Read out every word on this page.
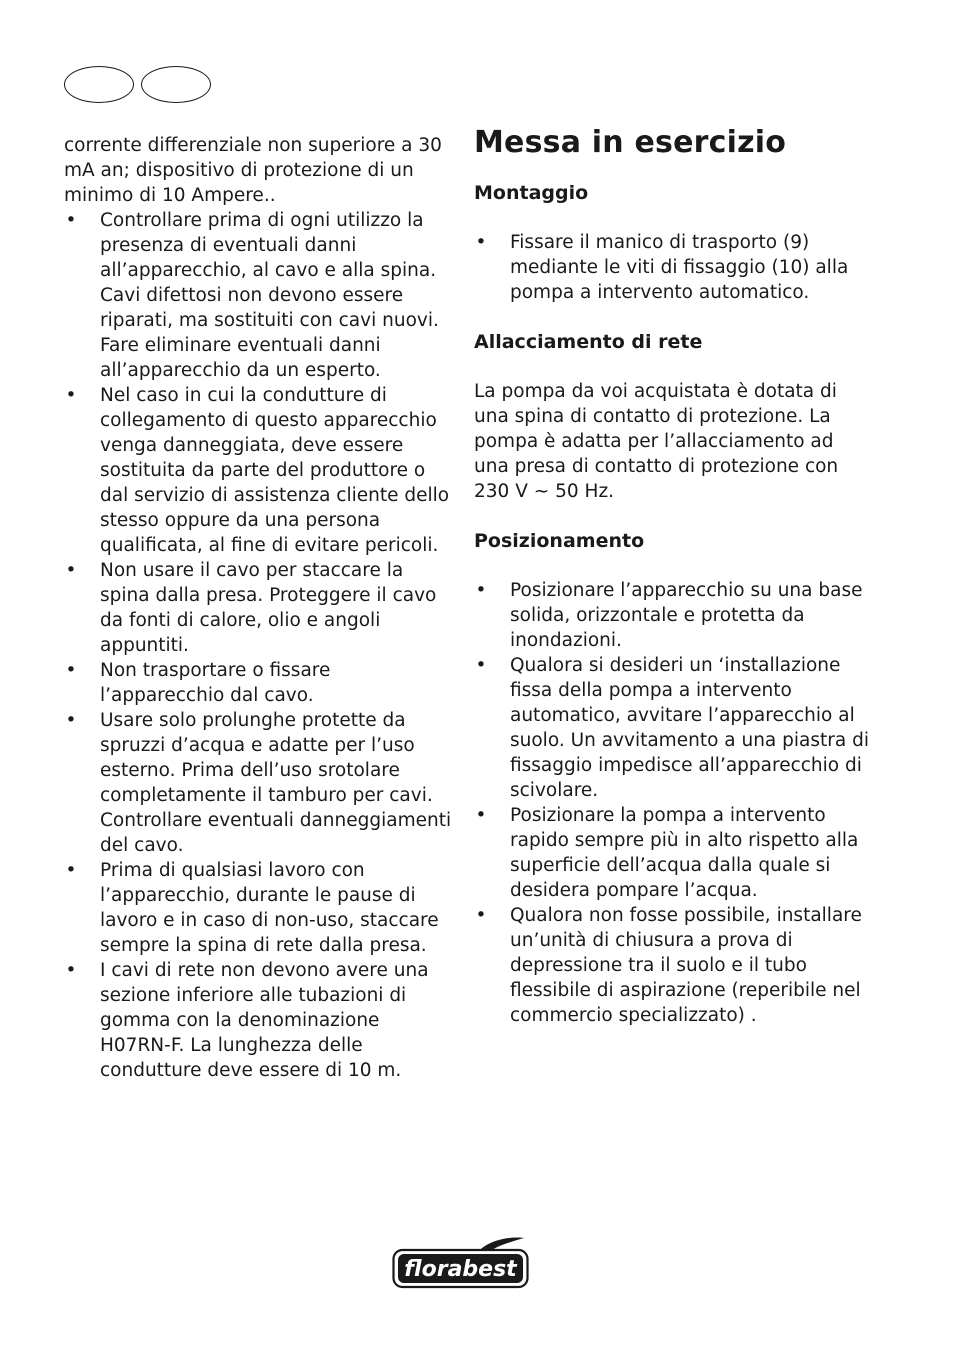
corrente differenziale non superiore a 30 mA an; dispositivo di protezione di un minimo di 10 Ampere..

• Controllare prima di ogni utilizzo la presenza di eventuali danni all’apparecchio, al cavo e alla spina. Cavi difettosi non devono essere riparati, ma sostituiti con cavi nuovi. Fare eliminare eventuali danni all’apparecchio da un esperto.
• Nel caso in cui la condutture di collegamento di questo apparecchio venga danneggiata, deve essere sostituita da parte del produttore o dal servizio di assistenza cliente dello stesso oppure da una persona qualificata, al fine di evitare pericoli.
• Non usare il cavo per staccare la spina dalla presa. Proteggere il cavo da fonti di calore, olio e angoli appuntiti.
• Non trasportare o fissare l’apparecchio dal cavo.
• Usare solo prolunghe protette da spruzzi d’acqua e adatte per l’uso esterno. Prima dell’uso srotolare completamente il tamburo per cavi. Controllare eventuali danneggiamenti del cavo.
• Prima di qualsiasi lavoro con l’apparecchio, durante le pause di lavoro e in caso di non-uso, staccare sempre la spina di rete dalla presa.
• I cavi di rete non devono avere una sezione inferiore alle tubazioni di gomma con la denominazione H07RN-F. La lunghezza delle condutture deve essere di 10 m.
Messa in esercizio
Montaggio
• Fissare il manico di trasporto (9) mediante le viti di fissaggio (10) alla pompa a intervento automatico.
Allacciamento di rete

La pompa da voi acquistata è dotata di una spina di contatto di protezione. La pompa è adatta per l’allacciamento ad una presa di contatto di protezione con 230 V ~ 50 Hz.

Posizionamento
• Posizionare l’apparecchio su una base solida, orizzontale e protetta da inondazioni.
• Qualora si desideri un ‘installazione fissa della pompa a intervento automatico, avvitare l’apparecchio al suolo. Un avvitamento a una piastra di fissaggio impedisce all’apparecchio di scivolare.
• Posizionare la pompa a intervento rapido sempre più in alto rispetto alla superficie dell’acqua dalla quale si desidera pompare l’acqua.
• Qualora non fosse possibile, installare un’unità di chiusura a prova di depressione tra il suolo e il tubo flessibile di aspirazione (reperibile nel commercio specializzato) .
florabest
